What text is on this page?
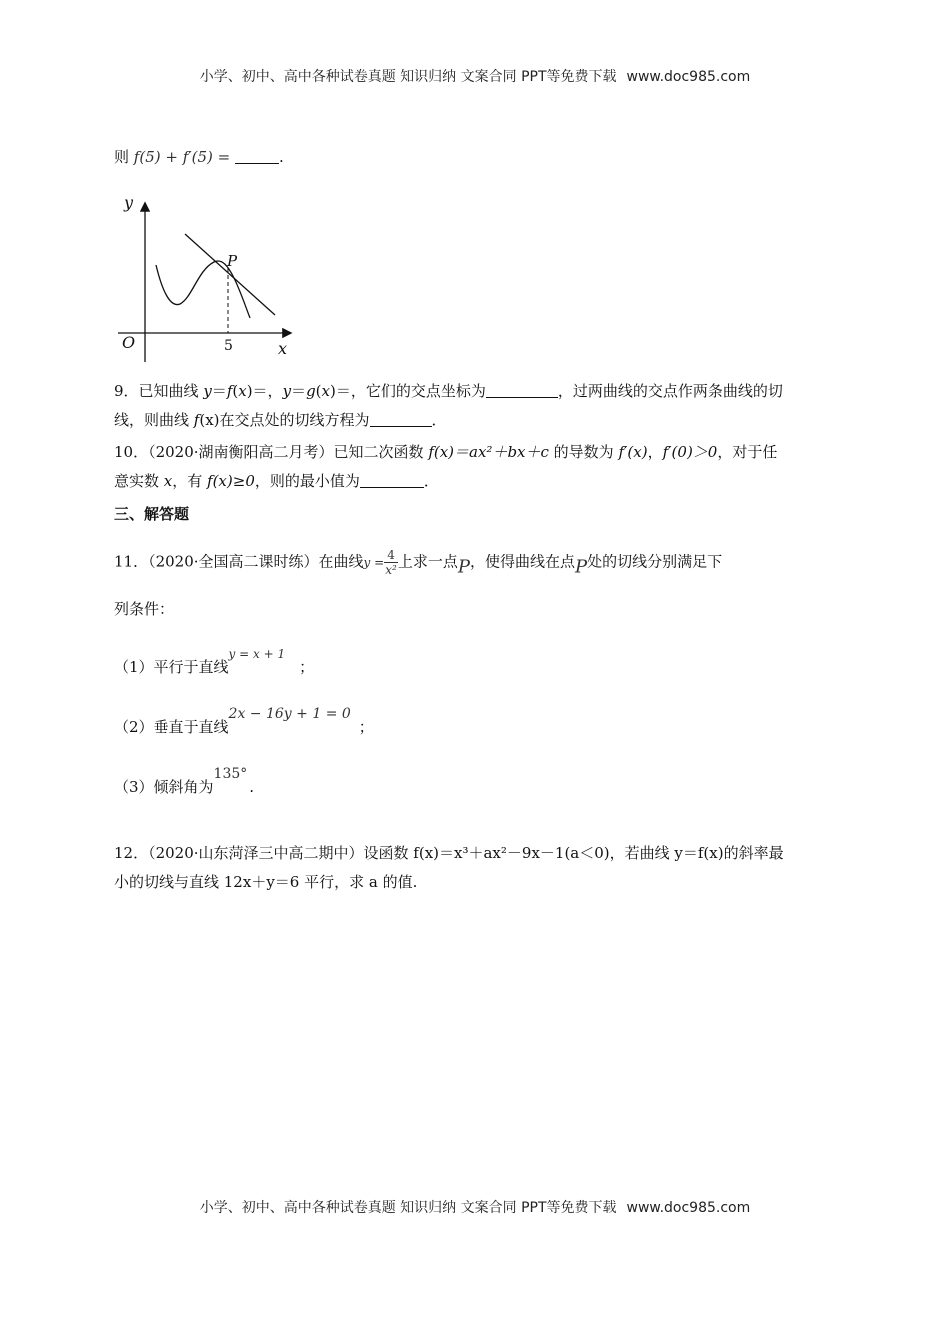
小学、初中、高中各种试卷真题 知识归纳 文案合同 PPT等免费下载 www.doc985.com
则 f(5) + f′(5) =	.
y
x
O
P
5
9．已知曲线 y＝f(x)＝，y＝g(x)＝，它们的交点坐标为	，过两曲线的交点作两条曲线的切
线，则曲线 f(x)在交点处的切线方程为	．
10．（2020·湖南衡阳高二月考）已知二次函数 f(x)＝ax²＋bx＋c 的导数为 f′(x)，f′(0)＞0，对于任
意实数 x，有 f(x)≥0，则的最小值为	．
三、解答题
11．（2020·全国高二课时练）在曲线$y = \frac{4}{\text{x²}}$ 上求一点P，使得曲线在点P处的切线分别满足下
列条件：
（1）平行于直线$^{y = x + 1}$；
（2）垂直于直线2x − 16y + 1 = 0；
（3）倾斜角为135°.
12．（2020·山东菏泽三中高二期中）设函数 f(x)＝x³＋ax²－9x－1(a＜0)，若曲线 y＝f(x)的斜率最
小的切线与直线 12x＋y＝6 平行，求 a 的值.
小学、初中、高中各种试卷真题 知识归纳 文案合同 PPT等免费下载 www.doc985.com
